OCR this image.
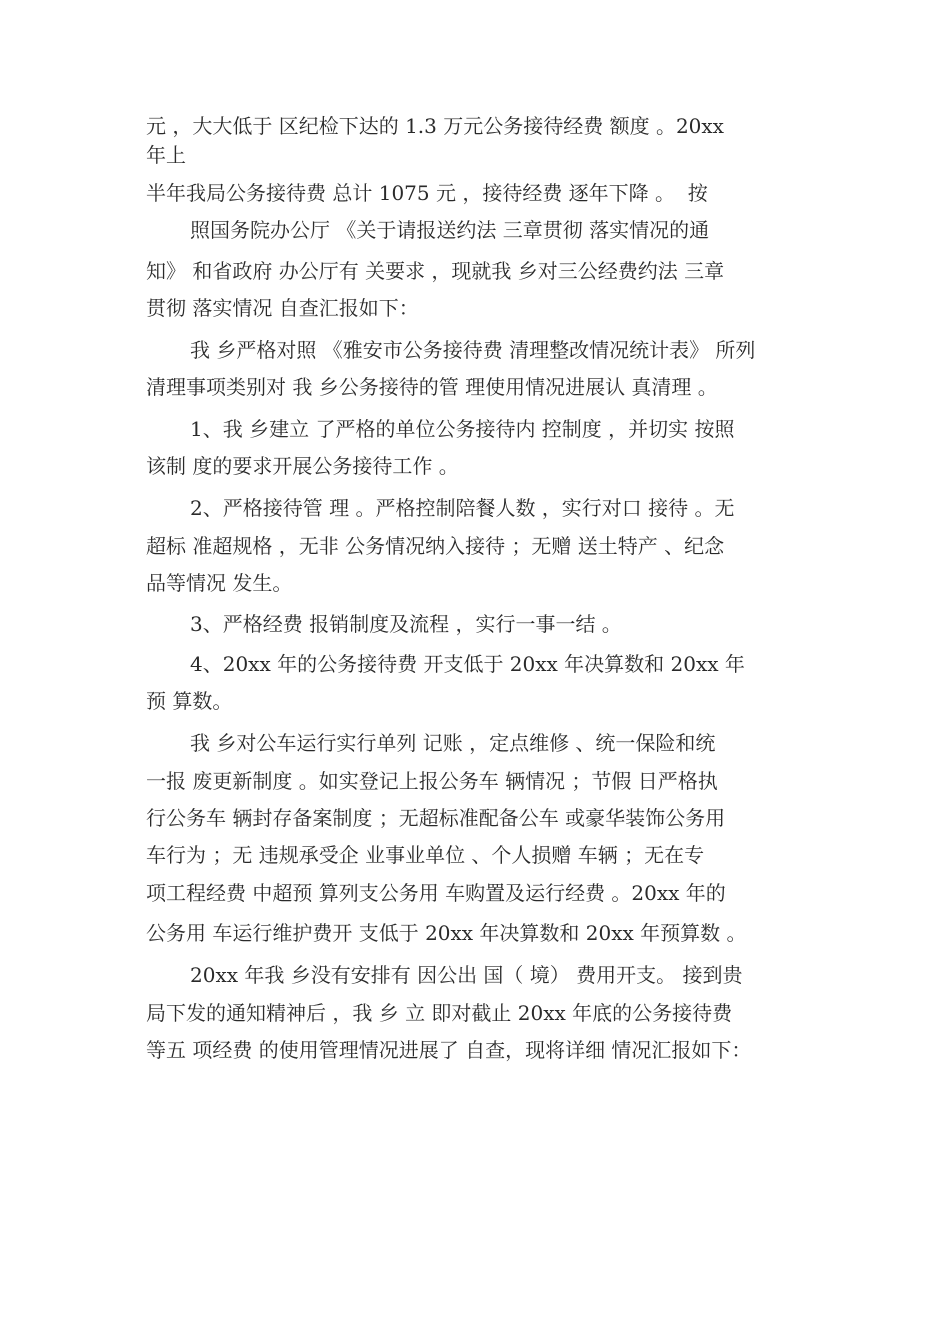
元 ，大大低于 区纪检下达的 1.3 万元公务接待经费 额度 。20xx
年上
半年我局公务接待费 总计 1075 元 ，接待经费 逐年下降 。  按
照国务院办公厅 《关于请报送约法 三章贯彻 落实情况的通
知》 和省政府 办公厅有 关要求 ，现就我 乡对三公经费约法 三章
贯彻 落实情况 自查汇报如下：
我 乡严格对照 《雅安市公务接待费 清理整改情况统计表》 所列
清理事项类别对 我 乡公务接待的管 理使用情况进展认 真清理 。
1、我 乡建立 了严格的单位公务接待内 控制度 ，并切实 按照
该制 度的要求开展公务接待工作 。
2、严格接待管 理 。严格控制陪餐人数 ，实行对口 接待 。无
超标 准超规格 ，无非 公务情况纳入接待 ；无赠 送土特产 、纪念
品等情况 发生。
3、严格经费 报销制度及流程 ，实行一事一结 。
4、20xx 年的公务接待费 开支低于 20xx 年决算数和 20xx 年
预 算数。
我 乡对公车运行实行单列 记账 ，定点维修 、统一保险和统
一报 废更新制度 。如实登记上报公务车 辆情况 ；节假 日严格执
行公务车 辆封存备案制度 ；无超标准配备公车 或豪华装饰公务用
车行为 ；无 违规承受企 业事业单位 、个人损赠 车辆 ；无在专
项工程经费 中超预 算列支公务用 车购置及运行经费 。20xx 年的
公务用 车运行维护费开 支低于 20xx 年决算数和 20xx 年预算数 。
20xx 年我 乡没有安排有 因公出 国（ 境） 费用开支。 接到贵
局下发的通知精神后 ，我 乡 立 即对截止 20xx 年底的公务接待费
等五 项经费 的使用管理情况进展了 自查，现将详细 情况汇报如下：
